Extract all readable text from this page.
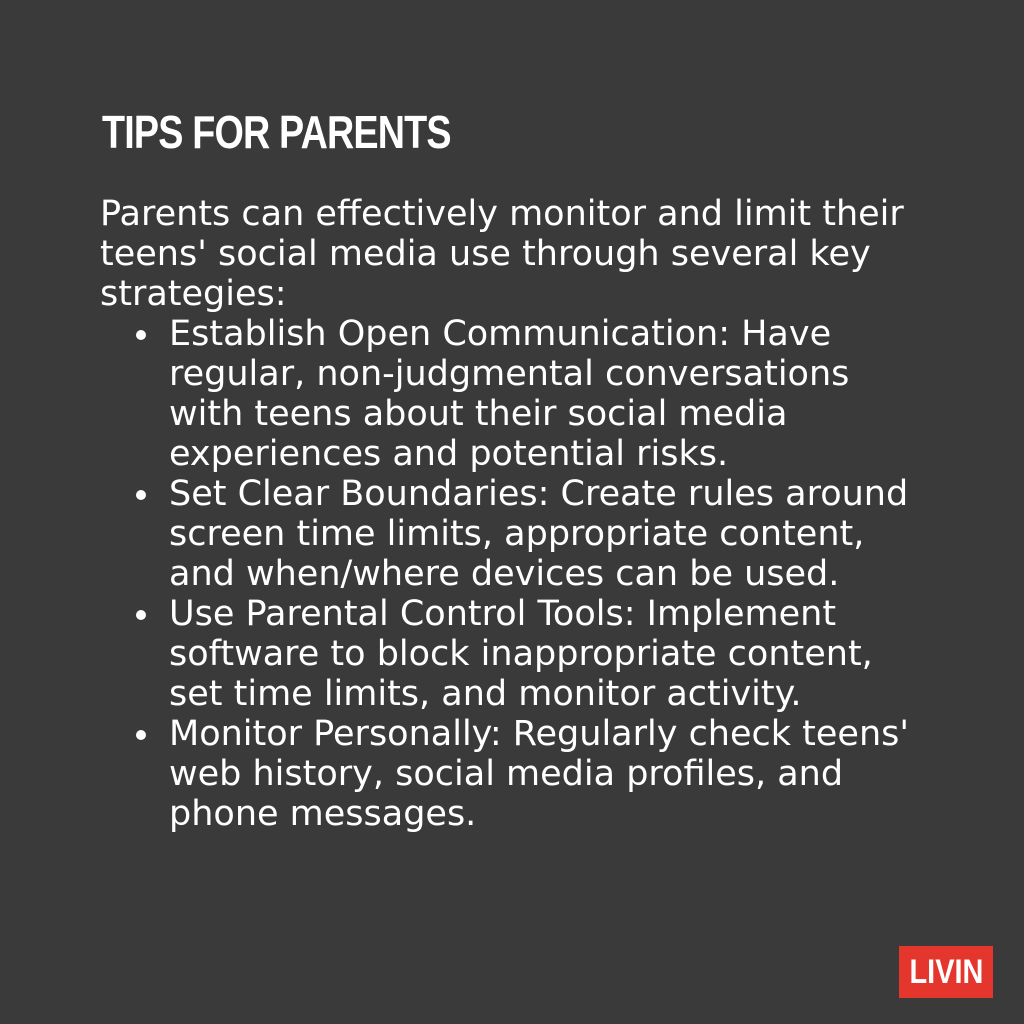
TIPS FOR PARENTS

Parents can effectively monitor and limit their teens' social media use through several key strategies:

Establish Open Communication: Have regular, non-judgmental conversations with teens about their social media experiences and potential risks.
Set Clear Boundaries: Create rules around screen time limits, appropriate content, and when/where devices can be used.
Use Parental Control Tools: Implement software to block inappropriate content, set time limits, and monitor activity.
Monitor Personally: Regularly check teens' web history, social media profiles, and phone messages.
LIVIN
